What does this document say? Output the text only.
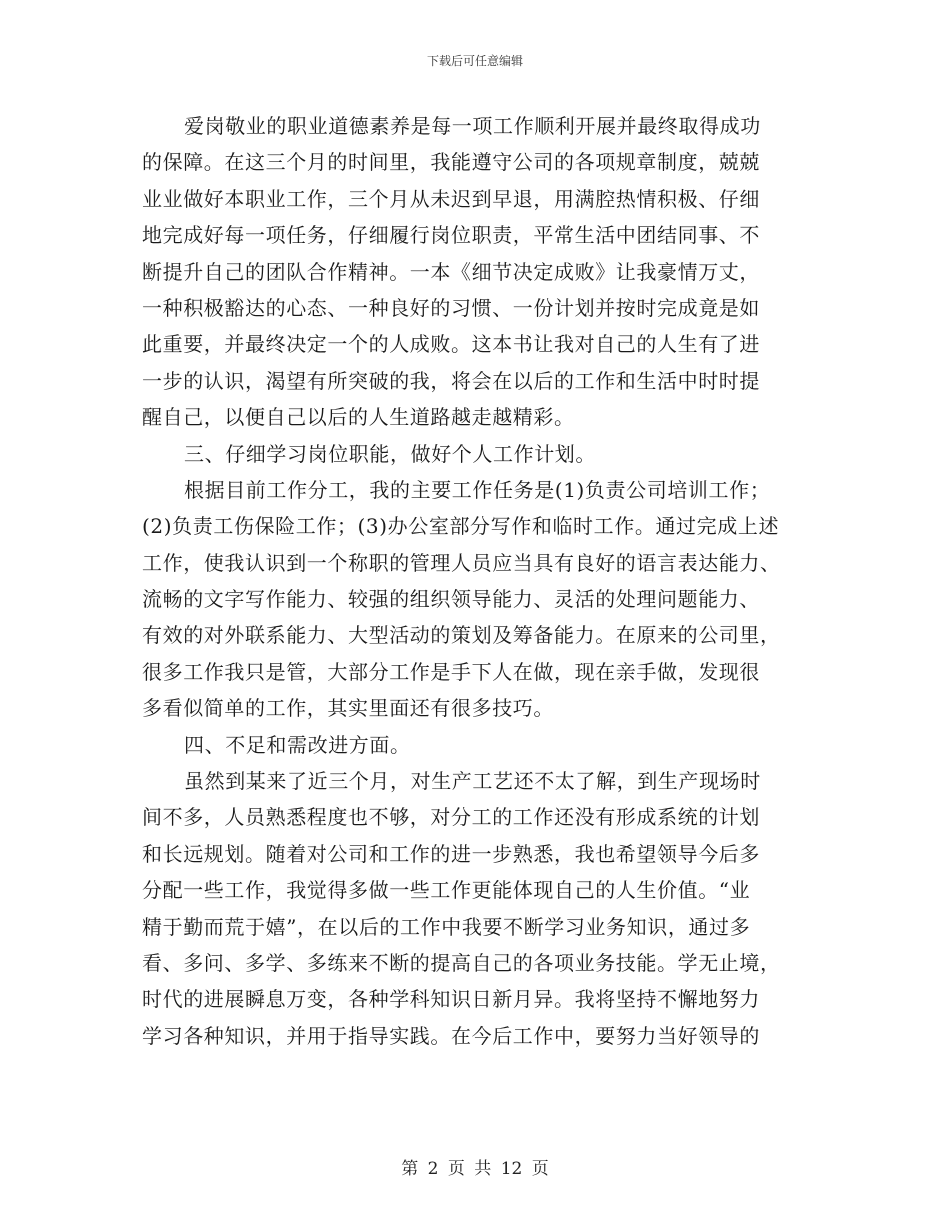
下载后可任意编辑
爱岗敬业的职业道德素养是每一项工作顺利开展并最终取得成功
的保障。在这三个月的时间里，我能遵守公司的各项规章制度，兢兢
业业做好本职业工作，三个月从未迟到早退，用满腔热情积极、仔细
地完成好每一项任务，仔细履行岗位职责，平常生活中团结同事、不
断提升自己的团队合作精神。一本《细节决定成败》让我豪情万丈，
一种积极豁达的心态、一种良好的习惯、一份计划并按时完成竟是如
此重要，并最终决定一个的人成败。这本书让我对自己的人生有了进
一步的认识，渴望有所突破的我，将会在以后的工作和生活中时时提
醒自己，以便自己以后的人生道路越走越精彩。
三、仔细学习岗位职能，做好个人工作计划。
根据目前工作分工，我的主要工作任务是(1)负责公司培训工作；
(2)负责工伤保险工作；(3)办公室部分写作和临时工作。通过完成上述
工作，使我认识到一个称职的管理人员应当具有良好的语言表达能力、
流畅的文字写作能力、较强的组织领导能力、灵活的处理问题能力、
有效的对外联系能力、大型活动的策划及筹备能力。在原来的公司里，
很多工作我只是管，大部分工作是手下人在做，现在亲手做，发现很
多看似简单的工作，其实里面还有很多技巧。
四、不足和需改进方面。
虽然到某来了近三个月，对生产工艺还不太了解，到生产现场时
间不多，人员熟悉程度也不够，对分工的工作还没有形成系统的计划
和长远规划。随着对公司和工作的进一步熟悉，我也希望领导今后多
分配一些工作，我觉得多做一些工作更能体现自己的人生价值。“业
精于勤而荒于嬉”，在以后的工作中我要不断学习业务知识，通过多
看、多问、多学、多练来不断的提高自己的各项业务技能。学无止境，
时代的进展瞬息万变，各种学科知识日新月异。我将坚持不懈地努力
学习各种知识，并用于指导实践。在今后工作中，要努力当好领导的
第 2 页 共 12 页
